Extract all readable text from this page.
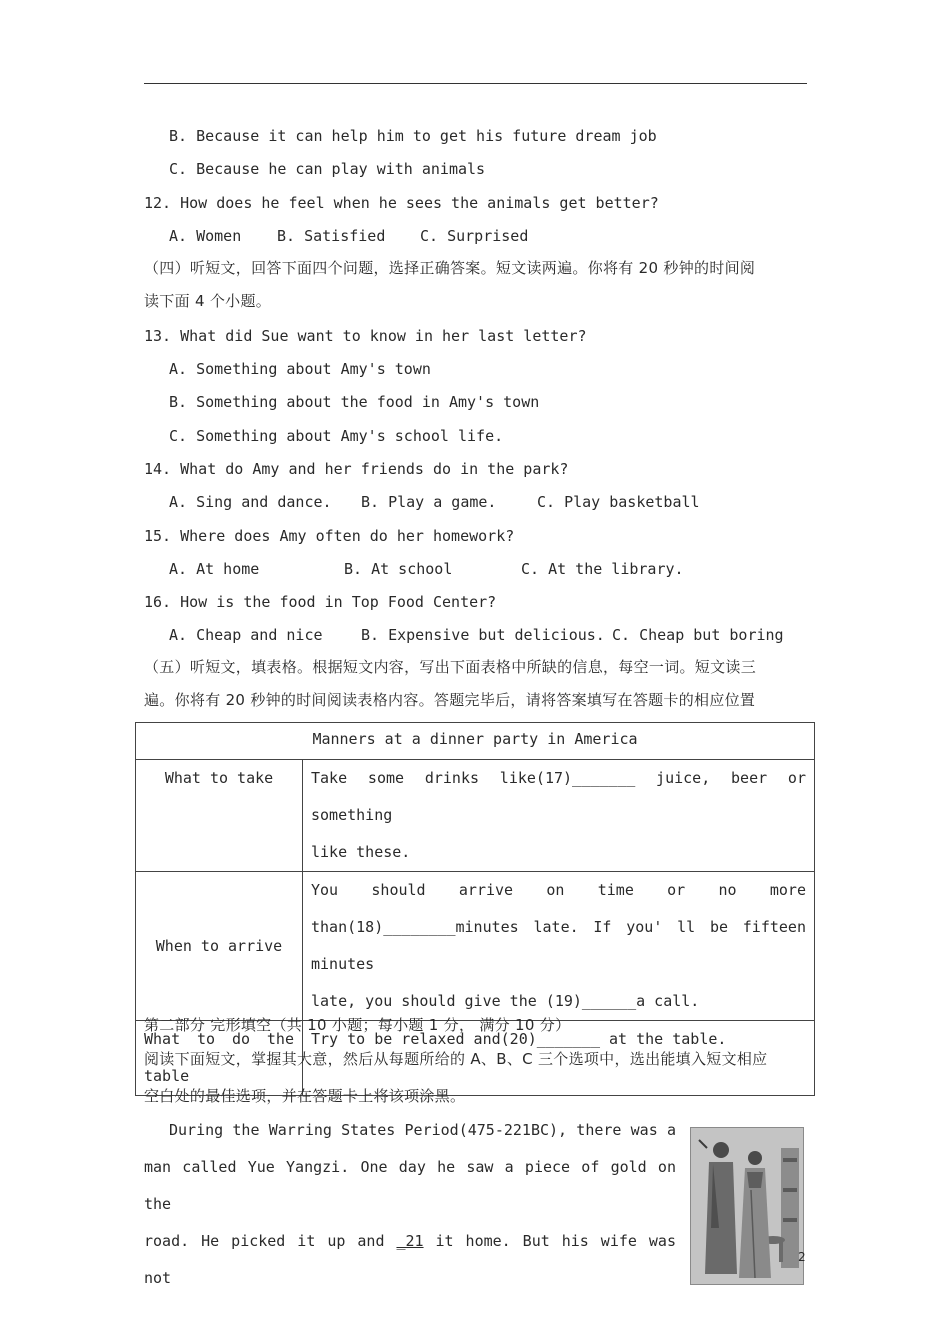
B. Because it can help him to get his future dream job
C. Because he can play with animals
12. How does he feel when he sees the animals get better?
A. Women B. Satisfied C. Surprised
（四）听短文，回答下面四个问题，选择正确答案。短文读两遍。你将有 20 秒钟的时间阅
读下面 4 个小题。
13. What did Sue want to know in her last letter?
A. Something about Amy's town
B. Something about the food in Amy's town
C. Something about Amy's school life.
14. What do Amy and her friends do in the park?
A. Sing and dance. B. Play a game.	C. Play basketball
15. Where does Amy often do her homework?
A. At home	B. At school	C. At the library.
16. How is the food in Top Food Center?
A. Cheap and nice	B. Expensive but delicious. C. Cheap but boring
（五）听短文，填表格。根据短文内容，写出下面表格中所缺的信息，每空一词。短文读三
遍。你将有 20 秒钟的时间阅读表格内容。答题完毕后，请将答案填写在答题卡的相应位置
Manners at a dinner party in America	
What to take	Take some drinks like(17)_______ juice, beer or something
like these.

When to arrive	You should arrive on time or no more
than(18)________minutes late. If you' ll be fifteen minutes
late, you should give the (19)______a call.

What to do the
table	Try to be relaxed and(20)_______ at the table.
第二部分 完形填空（共 10 小题；每小题 1 分， 满分 10 分）
阅读下面短文，掌握其大意，然后从每题所给的 A、B、C 三个选项中，选出能填入短文相应
空白处的最佳选项，并在答题卡上将该项涂黑。
During the Warring States Period(475-221BC), there was a
man called Yue Yangzi. One day he saw a piece of gold on the
road. He picked it up and _21 it home. But his wife was not
2
